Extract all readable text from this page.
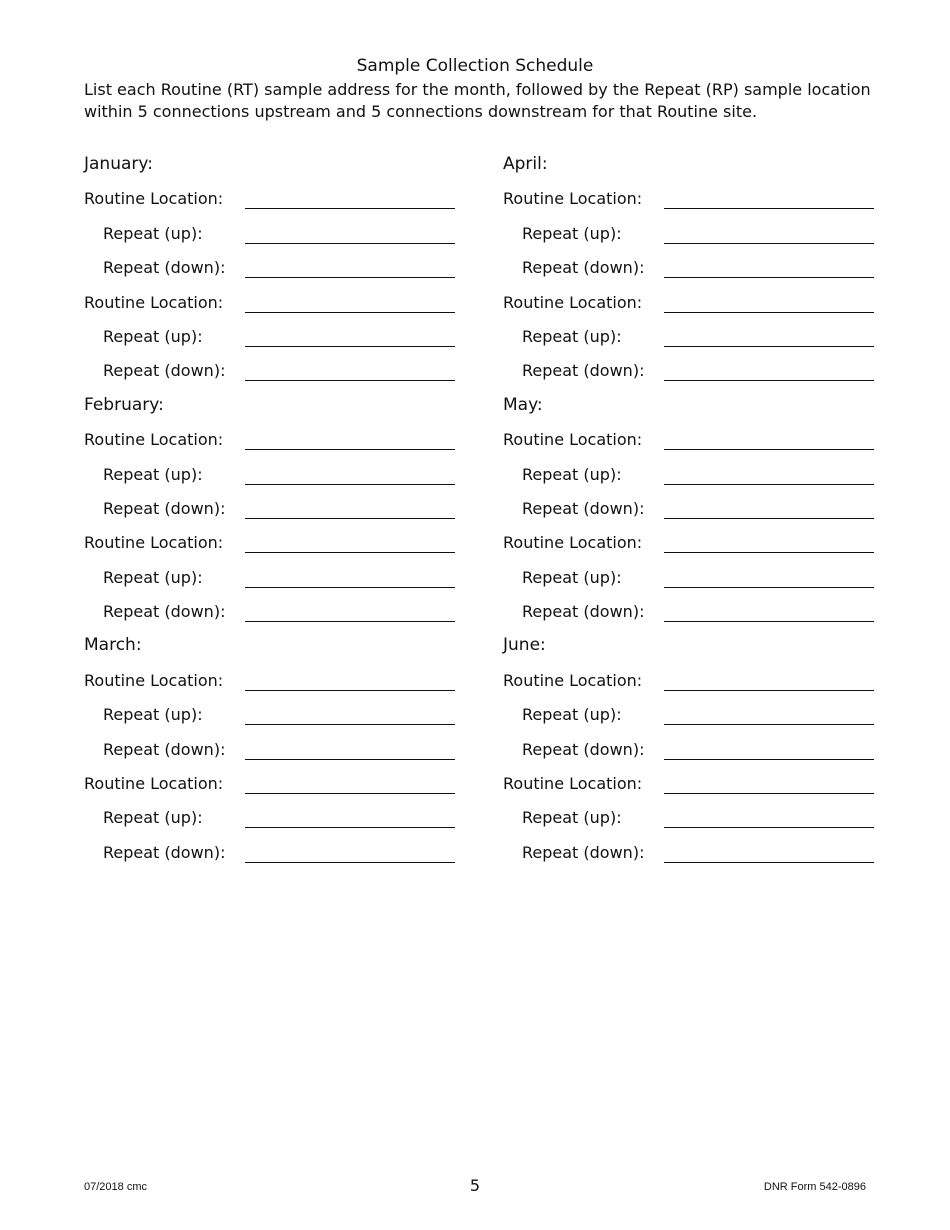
Sample Collection Schedule
List each Routine (RT) sample address for the month, followed by the Repeat (RP) sample location within 5 connections upstream and 5 connections downstream for that Routine site.
January:
Routine Location:
Repeat (up):
Repeat (down):
Routine Location:
Repeat (up):
Repeat (down):
February:
Routine Location:
Repeat (up):
Repeat (down):
Routine Location:
Repeat (up):
Repeat (down):
March:
Routine Location:
Repeat (up):
Repeat (down):
Routine Location:
Repeat (up):
Repeat (down):
April:
Routine Location:
Repeat (up):
Repeat (down):
Routine Location:
Repeat (up):
Repeat (down):
May:
Routine Location:
Repeat (up):
Repeat (down):
Routine Location:
Repeat (up):
Repeat (down):
June:
Routine Location:
Repeat (up):
Repeat (down):
Routine Location:
Repeat (up):
Repeat (down):
07/2018 cmc	5	DNR Form 542-0896
